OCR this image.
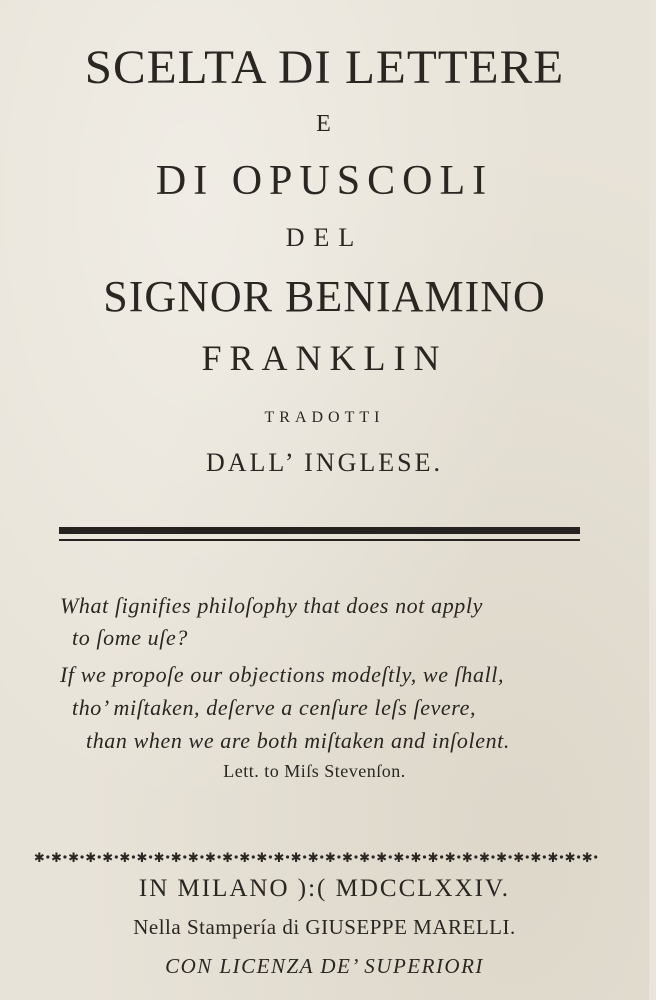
SCELTA DI LETTERE
E
DI OPUSCOLI
DEL
SIGNOR BENIAMINO
FRANKLIN
TRADOTTI
DALL’ INGLESE.
What ſignifies philoſophy that does not apply
to ſome uſe?
If we propoſe our objections modeſtly, we ſhall,
tho’ miſtaken, deſerve a cenſure leſs ſevere,
than when we are both miſtaken and inſolent.
Lett. to Miſs Stevenſon.
✱ ✱ ✱ ✱ ✱ ✱ ✱ ✱ ✱ ✱ ✱ ✱ ✱ ✱ ✱ ✱ ✱ ✱ ✱ ✱ ✱ ✱ ✱ ✱ ✱ ✱ ✱ ✱ ✱ ✱ ✱ ✱ ✱
IN MILANO ):( MDCCLXXIV.
Nella Stampería di GIUSEPPE MARELLI.
CON LICENZA DE’ SUPERIORI
